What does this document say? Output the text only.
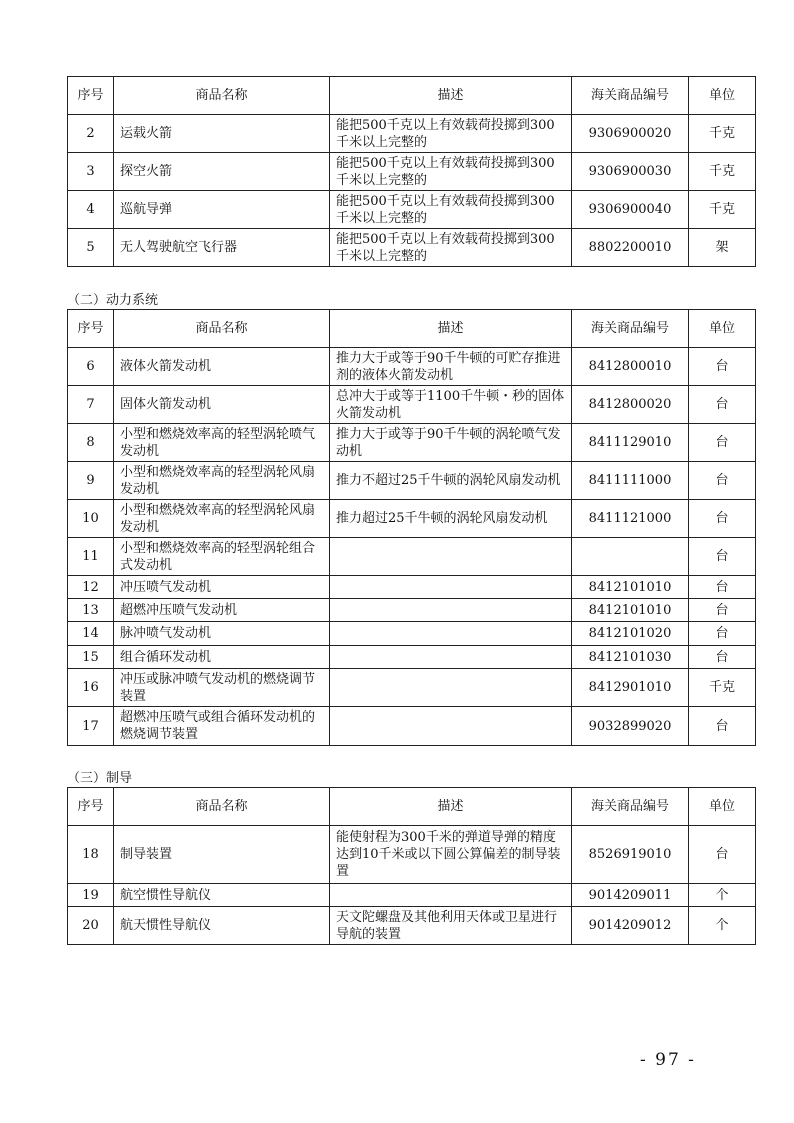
（二）动力系统
（三）制导
- 97 -
序号	商品名称	描述	海关商品编号	单位
2	运载火箭	能把500千克以上有效载荷投掷到300千米以上完整的	9306900020	千克
3	探空火箭	能把500千克以上有效载荷投掷到300千米以上完整的	9306900030	千克
4	巡航导弹	能把500千克以上有效载荷投掷到300千米以上完整的	9306900040	千克
5	无人驾驶航空飞行器	能把500千克以上有效载荷投掷到300千米以上完整的	8802200010	架
序号	商品名称	描述	海关商品编号	单位
6	液体火箭发动机	推力大于或等于90千牛顿的可贮存推进剂的液体火箭发动机	8412800010	台
7	固体火箭发动机	总冲大于或等于1100千牛顿・秒的固体火箭发动机	8412800020	台
8	小型和燃烧效率高的轻型涡轮喷气发动机	推力大于或等于90千牛顿的涡轮喷气发动机	8411129010	台
9	小型和燃烧效率高的轻型涡轮风扇发动机	推力不超过25千牛顿的涡轮风扇发动机	8411111000	台
10	小型和燃烧效率高的轻型涡轮风扇发动机	推力超过25千牛顿的涡轮风扇发动机	8411121000	台
11	小型和燃烧效率高的轻型涡轮组合式发动机			台
12	冲压喷气发动机		8412101010	台
13	超燃冲压喷气发动机		8412101010	台
14	脉冲喷气发动机		8412101020	台
15	组合循环发动机		8412101030	台
16	冲压或脉冲喷气发动机的燃烧调节装置		8412901010	千克
17	超燃冲压喷气或组合循环发动机的燃烧调节装置		9032899020	台
序号	商品名称	描述	海关商品编号	单位
18	制导装置	能使射程为300千米的弹道导弹的精度达到10千米或以下圆公算偏差的制导装置	8526919010	台
19	航空惯性导航仪		9014209011	个
20	航天惯性导航仪	天文陀螺盘及其他利用天体或卫星进行导航的装置	9014209012	个
